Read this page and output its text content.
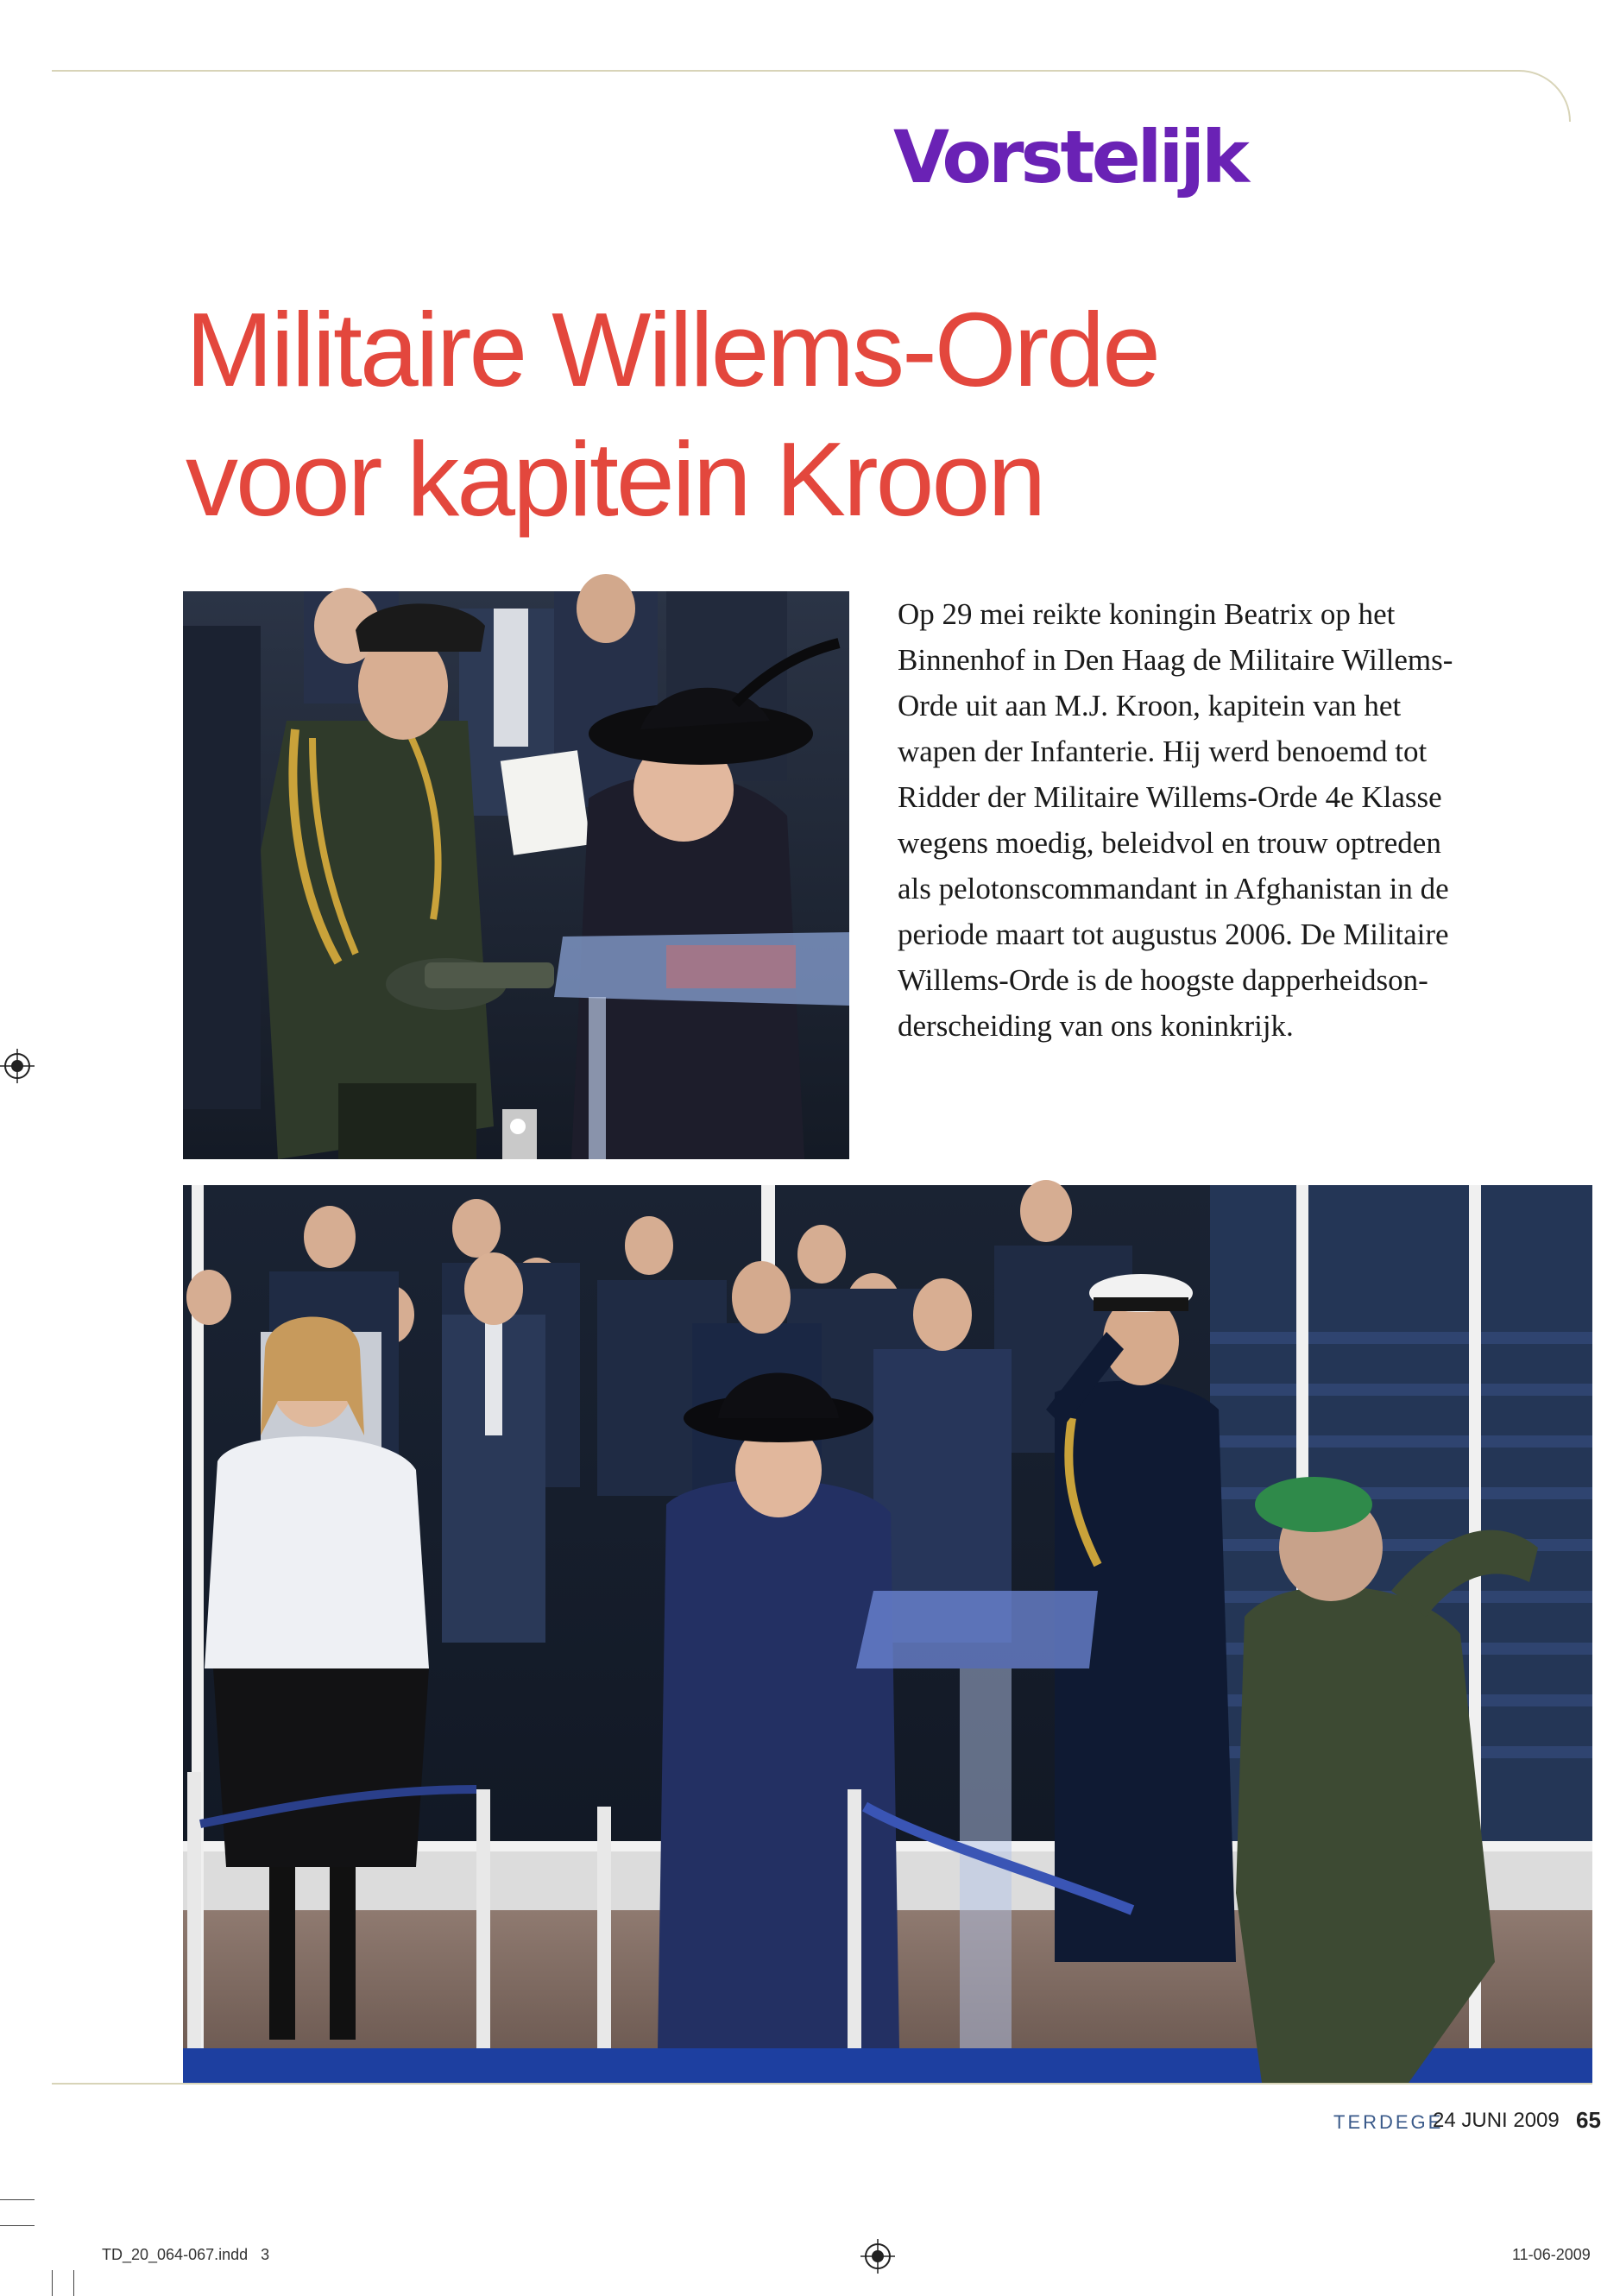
Vorstelijk
Militaire Willems-Orde
voor kapitein Kroon
Op 29 mei reikte koningin Beatrix op het
Binnenhof in Den Haag de Militaire Willems-
Orde uit aan M.J. Kroon, kapitein van het
wapen der Infanterie. Hij werd benoemd tot
Ridder der Militaire Willems-Orde 4e Klasse
wegens moedig, beleidvol en trouw optreden
als pelotonscommandant in Afghanistan in de
periode maart tot augustus 2006. De Militaire
Willems-Orde is de hoogste dapperheidson-
derscheiding van ons koninkrijk.

TERDEGE

24 JUNI 2009 65

TD_20_064-067.indd   3	11-06-2009
